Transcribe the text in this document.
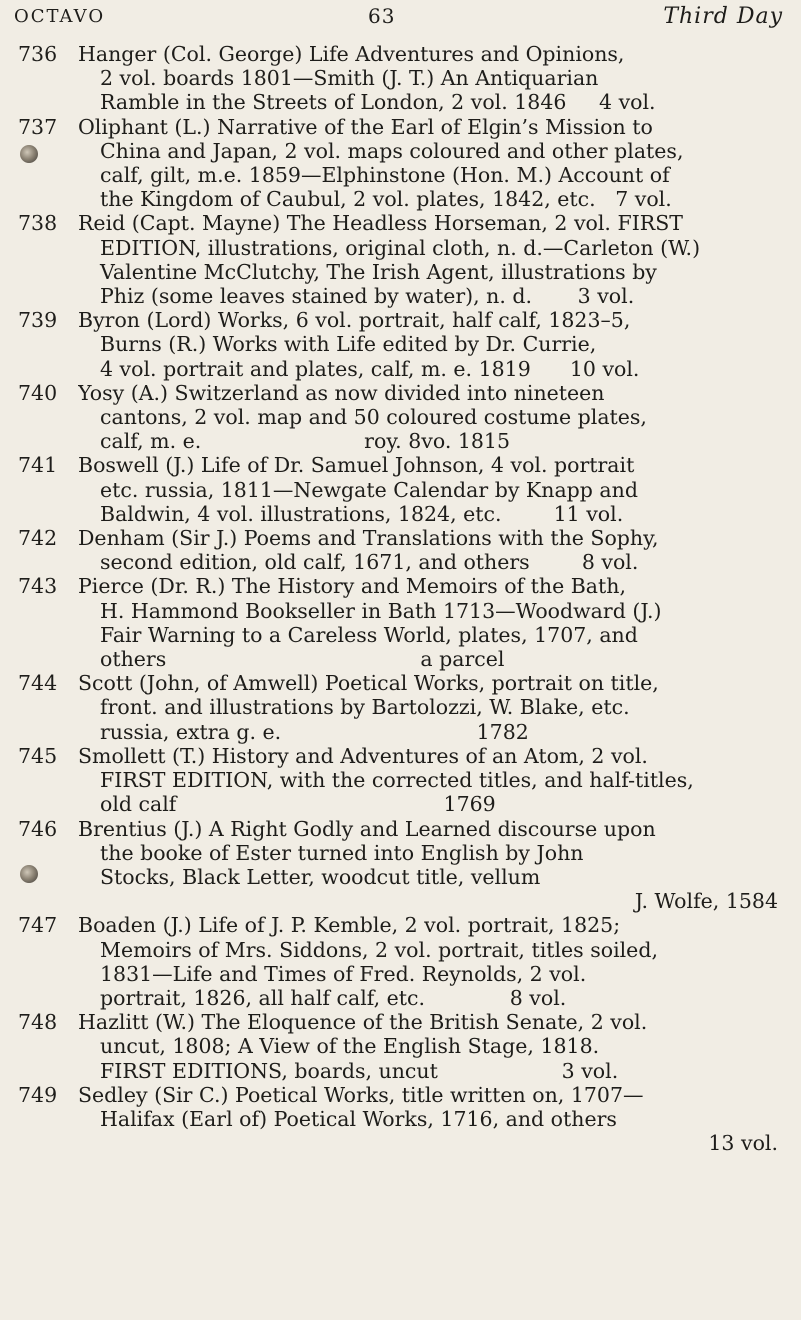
OCTAVO	63	Third Day
736 Hanger (Col. George) Life Adventures and Opinions,
2 vol. boards 1801—Smith (J. T.) An Antiquarian
Ramble in the Streets of London, 2 vol. 1846     4 vol.
737 Oliphant (L.) Narrative of the Earl of Elgin’s Mission to
China and Japan, 2 vol. maps coloured and other plates,
calf, gilt, m.e. 1859—Elphinstone (Hon. M.) Account of
the Kingdom of Caubul, 2 vol. plates, 1842, etc.   7 vol.
738 Reid (Capt. Mayne) The Headless Horseman, 2 vol. FIRST
EDITION, illustrations, original cloth, n. d.—Carleton (W.)
Valentine McClutchy, The Irish Agent, illustrations by
Phiz (some leaves stained by water), n. d.       3 vol.
739 Byron (Lord) Works, 6 vol. portrait, half calf, 1823–5,
Burns (R.) Works with Life edited by Dr. Currie,
4 vol. portrait and plates, calf, m. e. 1819      10 vol.
740 Yosy (A.) Switzerland as now divided into nineteen
cantons, 2 vol. map and 50 coloured costume plates,
calf, m. e.                         roy. 8vo. 1815
741 Boswell (J.) Life of Dr. Samuel Johnson, 4 vol. portrait
etc. russia, 1811—Newgate Calendar by Knapp and
Baldwin, 4 vol. illustrations, 1824, etc.        11 vol.
742 Denham (Sir J.) Poems and Translations with the Sophy,
second edition, old calf, 1671, and others        8 vol.
743 Pierce (Dr. R.) The History and Memoirs of the Bath,
H. Hammond Bookseller in Bath 1713—Woodward (J.)
Fair Warning to a Careless World, plates, 1707, and
others                                       a parcel
744 Scott (John, of Amwell) Poetical Works, portrait on title,
front. and illustrations by Bartolozzi, W. Blake, etc.
russia, extra g. e.                              1782
745 Smollett (T.) History and Adventures of an Atom, 2 vol.
FIRST EDITION, with the corrected titles, and half-titles,
old calf                                         1769
746 Brentius (J.) A Right Godly and Learned discourse upon
the booke of Ester turned into English by John
Stocks, Black Letter, woodcut title, vellum
J. Wolfe, 1584
747 Boaden (J.) Life of J. P. Kemble, 2 vol. portrait, 1825;
Memoirs of Mrs. Siddons, 2 vol. portrait, titles soiled,
1831—Life and Times of Fred. Reynolds, 2 vol.
portrait, 1826, all half calf, etc.             8 vol.
748 Hazlitt (W.) The Eloquence of the British Senate, 2 vol.
uncut, 1808; A View of the English Stage, 1818.
FIRST EDITIONS, boards, uncut                   3 vol.
749 Sedley (Sir C.) Poetical Works, title written on, 1707—
Halifax (Earl of) Poetical Works, 1716, and others
13 vol.
